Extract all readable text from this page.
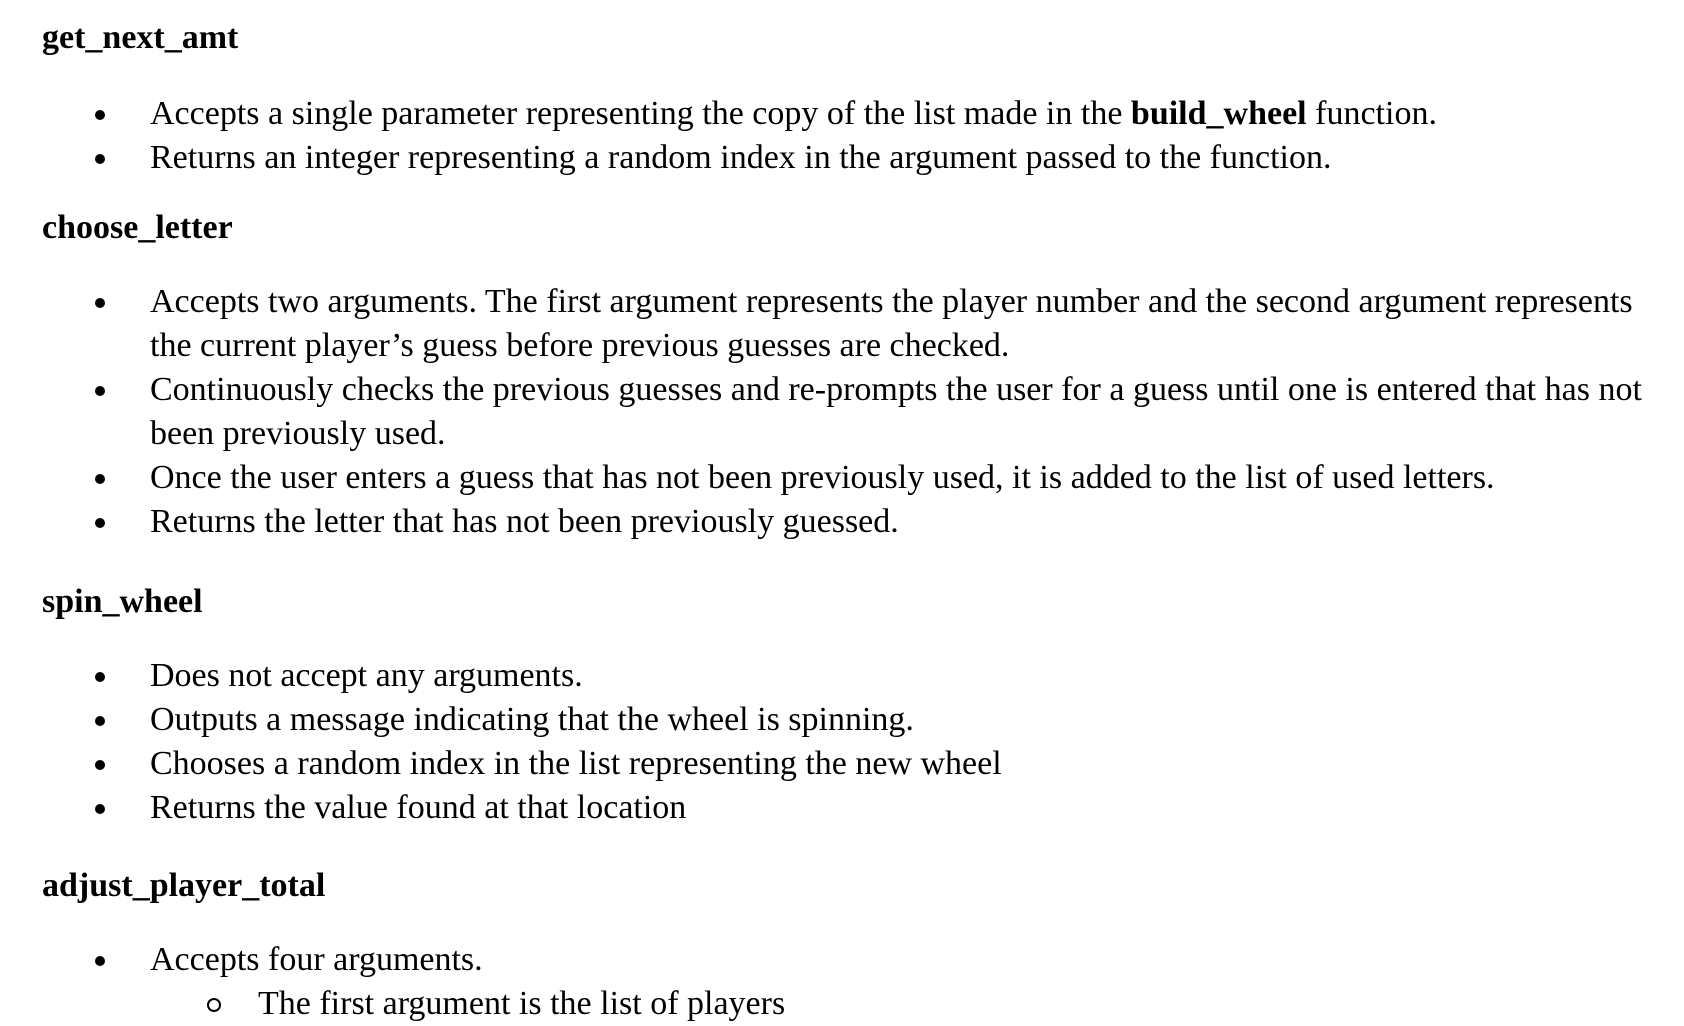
get_next_amt
Accepts a single parameter representing the copy of the list made in the build_wheel function.
Returns an integer representing a random index in the argument passed to the function.
choose_letter
Accepts two arguments. The first argument represents the player number and the second argument represents the current player’s guess before previous guesses are checked.
Continuously checks the previous guesses and re-prompts the user for a guess until one is entered that has not been previously used.
Once the user enters a guess that has not been previously used, it is added to the list of used letters.
Returns the letter that has not been previously guessed.
spin_wheel
Does not accept any arguments.
Outputs a message indicating that the wheel is spinning.
Chooses a random index in the list representing the new wheel
Returns the value found at that location
adjust_player_total
Accepts four arguments.
The first argument is the list of players
